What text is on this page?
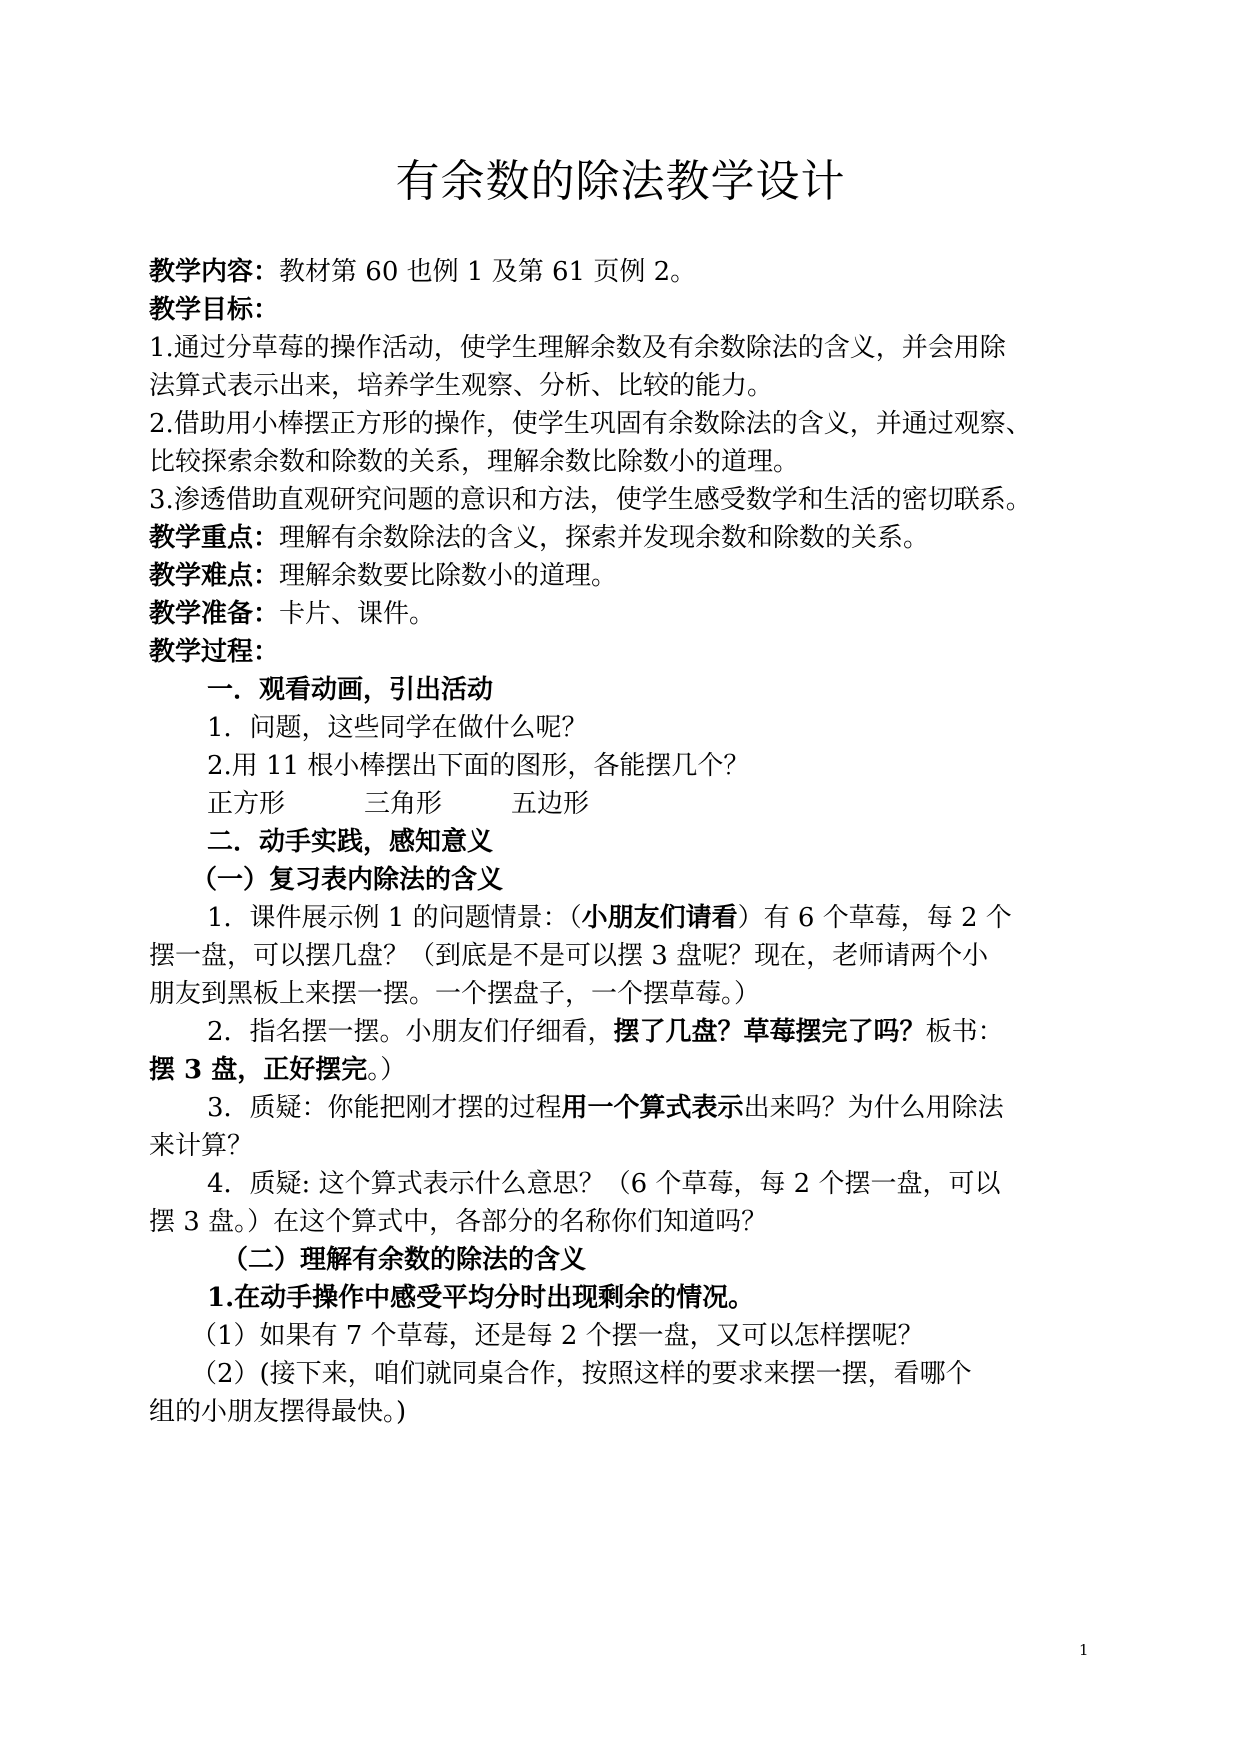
有余数的除法教学设计
教学内容：教材第 60 也例 1 及第 61 页例 2。
教学目标：
1.通过分草莓的操作活动，使学生理解余数及有余数除法的含义，并会用除
法算式表示出来，培养学生观察、分析、比较的能力。
2.借助用小棒摆正方形的操作，使学生巩固有余数除法的含义，并通过观察、
比较探索余数和除数的关系，理解余数比除数小的道理。
3.渗透借助直观研究问题的意识和方法，使学生感受数学和生活的密切联系。
教学重点：理解有余数除法的含义，探索并发现余数和除数的关系。
教学难点：理解余数要比除数小的道理。
教学准备：卡片、课件。
教学过程：
一．观看动画，引出活动
1．问题，这些同学在做什么呢？
2.用 11 根小棒摆出下面的图形，各能摆几个？
正方形	三角形	五边形
二．动手实践，感知意义
（一）复习表内除法的含义
1．课件展示例 1 的问题情景：（小朋友们请看）有 6 个草莓，每 2 个
摆一盘，可以摆几盘？（到底是不是可以摆 3 盘呢？现在，老师请两个小
朋友到黑板上来摆一摆。一个摆盘子，一个摆草莓。）
2．指名摆一摆。小朋友们仔细看，摆了几盘？草莓摆完了吗？板书：
摆 3 盘，正好摆完。）
3．质疑：你能把刚才摆的过程用一个算式表示出来吗？为什么用除法
来计算？
4．质疑: 这个算式表示什么意思？（6 个草莓，每 2 个摆一盘，可以
摆 3 盘。）在这个算式中，各部分的名称你们知道吗？
（二）理解有余数的除法的含义
1.在动手操作中感受平均分时出现剩余的情况。
（1）如果有 7 个草莓，还是每 2 个摆一盘，又可以怎样摆呢？
（2）(接下来，咱们就同桌合作，按照这样的要求来摆一摆，看哪个
组的小朋友摆得最快。)
1
